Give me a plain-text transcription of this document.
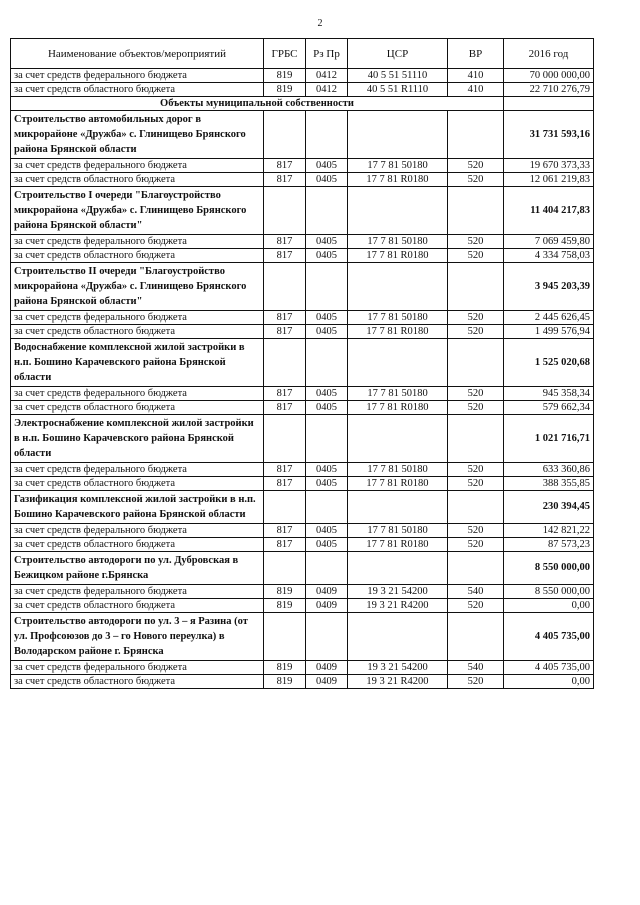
2
Наименование объектов/мероприятий	ГРБС	Рз Пр	ЦСР	ВР	2016 год
за счет средств федерального бюджета	819	0412	40 5 51 51110	410	70 000 000,00
за счет средств областного бюджета	819	0412	40 5 51 R1110	410	22 710 276,79
Объекты муниципальной собственности					
Строительство автомобильных дорог в микрорайоне «Дружба» с. Глинищево Брянского района Брянской области					31 731 593,16
за счет средств федерального бюджета	817	0405	17 7 81 50180	520	19 670 373,33
за счет средств областного бюджета	817	0405	17 7 81 R0180	520	12 061 219,83
Строительство I очереди "Благоустройство микрорайона «Дружба» с. Глинищево Брянского района Брянской области"					11 404 217,83
за счет средств федерального бюджета	817	0405	17 7 81 50180	520	7 069 459,80
за счет средств областного бюджета	817	0405	17 7 81 R0180	520	4 334 758,03
Строительство II очереди "Благоустройство микрорайона «Дружба» с. Глинищево Брянского района Брянской области"					3 945 203,39
за счет средств федерального бюджета	817	0405	17 7 81 50180	520	2 445 626,45
за счет средств областного бюджета	817	0405	17 7 81 R0180	520	1 499 576,94
Водоснабжение комплексной жилой застройки в н.п. Бошино Карачевского района Брянской области					1 525 020,68
за счет средств федерального бюджета	817	0405	17 7 81 50180	520	945 358,34
за счет средств областного бюджета	817	0405	17 7 81 R0180	520	579 662,34
Электроснабжение комплексной жилой застройки в н.п. Бошино Карачевского района Брянской области					1 021 716,71
за счет средств федерального бюджета	817	0405	17 7 81 50180	520	633 360,86
за счет средств областного бюджета	817	0405	17 7 81 R0180	520	388 355,85
Газификация комплексной жилой застройки в н.п. Бошино Карачевского района Брянской области					230 394,45
за счет средств федерального бюджета	817	0405	17 7 81 50180	520	142 821,22
за счет средств областного бюджета	817	0405	17 7 81 R0180	520	87 573,23
Строительство автодороги по ул. Дубровская в Бежицком районе г.Брянска					8 550 000,00
за счет средств федерального бюджета	819	0409	19 3 21 54200	540	8 550 000,00
за счет средств областного бюджета	819	0409	19 3 21 R4200	520	0,00
Строительство автодороги по ул. 3 – я Разина (от ул. Профсоюзов до 3 – го Нового переулка) в Володарском районе г. Брянска					4 405 735,00
за счет средств федерального бюджета	819	0409	19 3 21 54200	540	4 405 735,00
за счет средств областного бюджета	819	0409	19 3 21 R4200	520	0,00
